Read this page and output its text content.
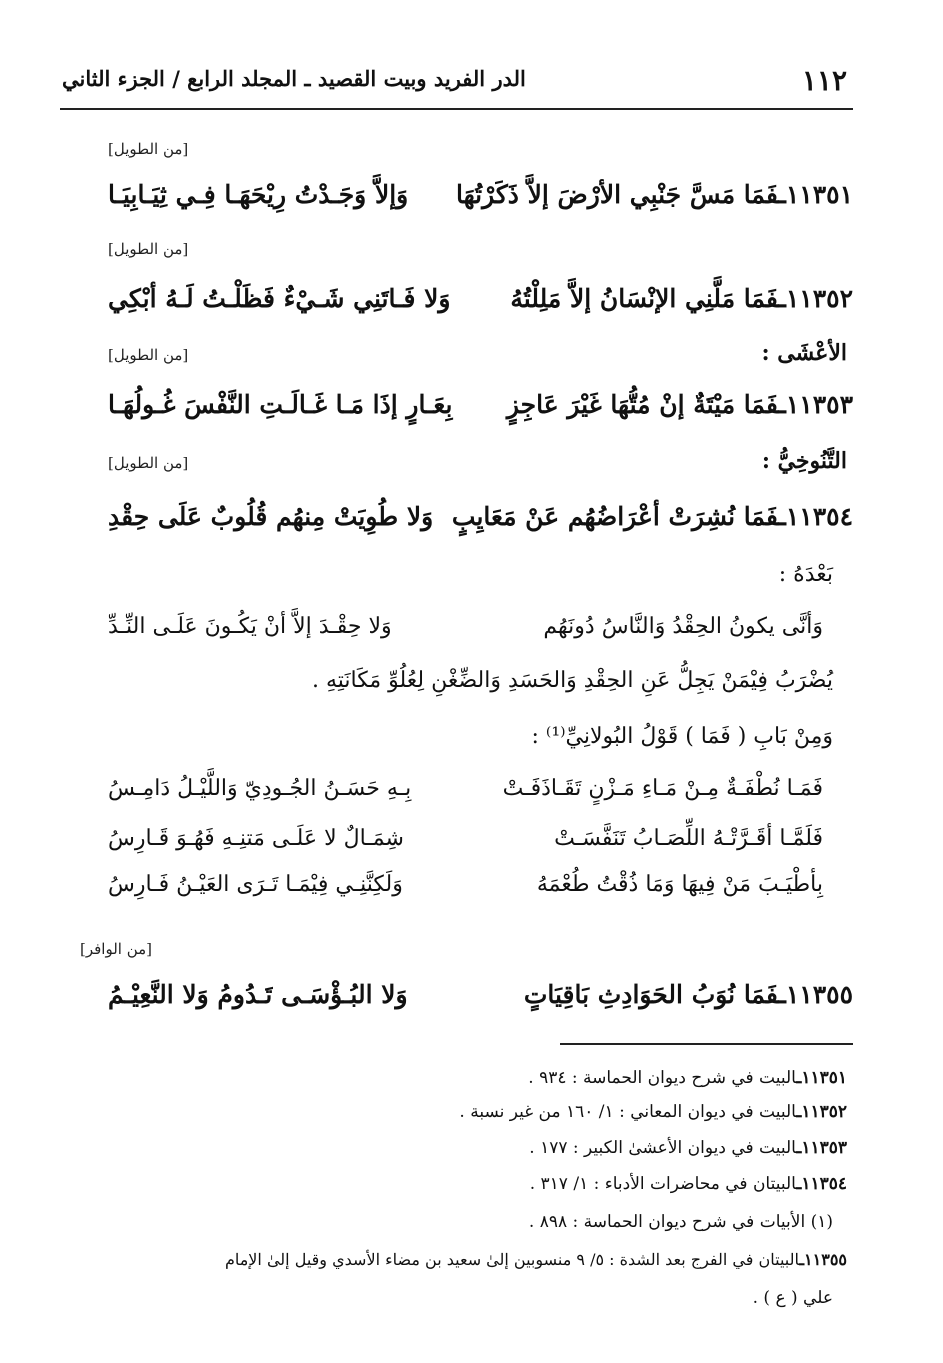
١١٢
الدر الفريد وبيت القصيد ـ المجلد الرابع / الجزء الثاني
[من الطويل]
١١٣٥١ـفَمَا مَسَّ جَنْبِي الأرْضَ إلاَّ ذَكَرْتُهَا
وَإلاَّ وَجَـدْتُ رِيْحَهَـا فِـي ثِيَـابِيَـا
[من الطويل]
١١٣٥٢ـفَمَا مَلَّنِي الإنْسَانُ إلاَّ مَلِلْتُهُ
وَلا فَـاتَنِي شَـيْءٌ فَظَلْـتُ لَـهُ أبْكِي
الأعْشَى :
[من الطويل]
١١٣٥٣ـفَمَا مَيْتَةٌ إنْ مُتُّهَا غَيْرَ عَاجِزٍ
بِعَـارٍ إذَا مَـا غَـالَـتِ النَّفْسَ غُـولُهَـا
التَّنُوخِيُّ :
[من الطويل]
١١٣٥٤ـفَمَا نُشِرَتْ أعْرَاضُهُم عَنْ مَعَايِبٍ
وَلا طُوِيَتْ مِنهُم قُلُوبٌ عَلَى حِقْدِ
بَعْدَهُ :
وَأنَّى يكونُ الحِقْدُ وَالنَّاسُ دُونَهُم
وَلا حِقْـدَ إلاَّ أنْ يَكُـونَ عَلَـى النِّـدِّ
يُضْرَبُ فِيْمَنْ يَجِلُّ عَنِ الحِقْدِ وَالحَسَدِ وَالضِّغْنِ لِعُلُوِّ مَكَانَتِهِ .
وَمِنْ بَابِ ( فَمَا ) قَوْلُ البُولانِيِّ⁽¹⁾ :
فَمَـا نُطْفَـةٌ مِـنْ مَـاءِ مَـزْنٍ تَقَـاذَفَـتْ
بِـهِ حَسَـنُ الجُـودِيّ وَاللَّيْـلُ دَامِـسُ
فَلَمَّـا أقَـرَّتْـهُ اللِّصَـابُ تَنَفَّسَـتْ
شِمَـالٌ لا عَلَـى مَتنِـهِ فَهُـوَ قَـارِسُ
بِأطْيَـبَ مَنْ فِيهَا وَمَا ذُقْتُ طُعْمَهُ
وَلَكِنَّنِـي فِيْمَـا تَـرَى العَيْـنُ فَـارِسُ
[من الوافر]
١١٣٥٥ـفَمَا نُوَبُ الحَوَادِثِ بَاقِيَاتٍ
وَلا البُـؤْسَـى تَـدُومُ وَلا النَّعِيْـمُ
١١٣٥١ـالبيت في شرح ديوان الحماسة : ٩٣٤ .
١١٣٥٢ـالبيت في ديوان المعاني : ١/ ١٦٠ من غير نسبة .
١١٣٥٣ـالبيت في ديوان الأعشىٰ الكبير : ١٧٧ .
١١٣٥٤ـالبيتان في محاضرات الأدباء : ١/ ٣١٧ .
(١) الأبيات في شرح ديوان الحماسة : ٨٩٨ .
١١٣٥٥ـالبيتان في الفرج بعد الشدة : ٥/ ٩ منسوبين إلىٰ سعيد بن مضاء الأسدي وقيل إلىٰ الإمام
علي ( ع ) .
